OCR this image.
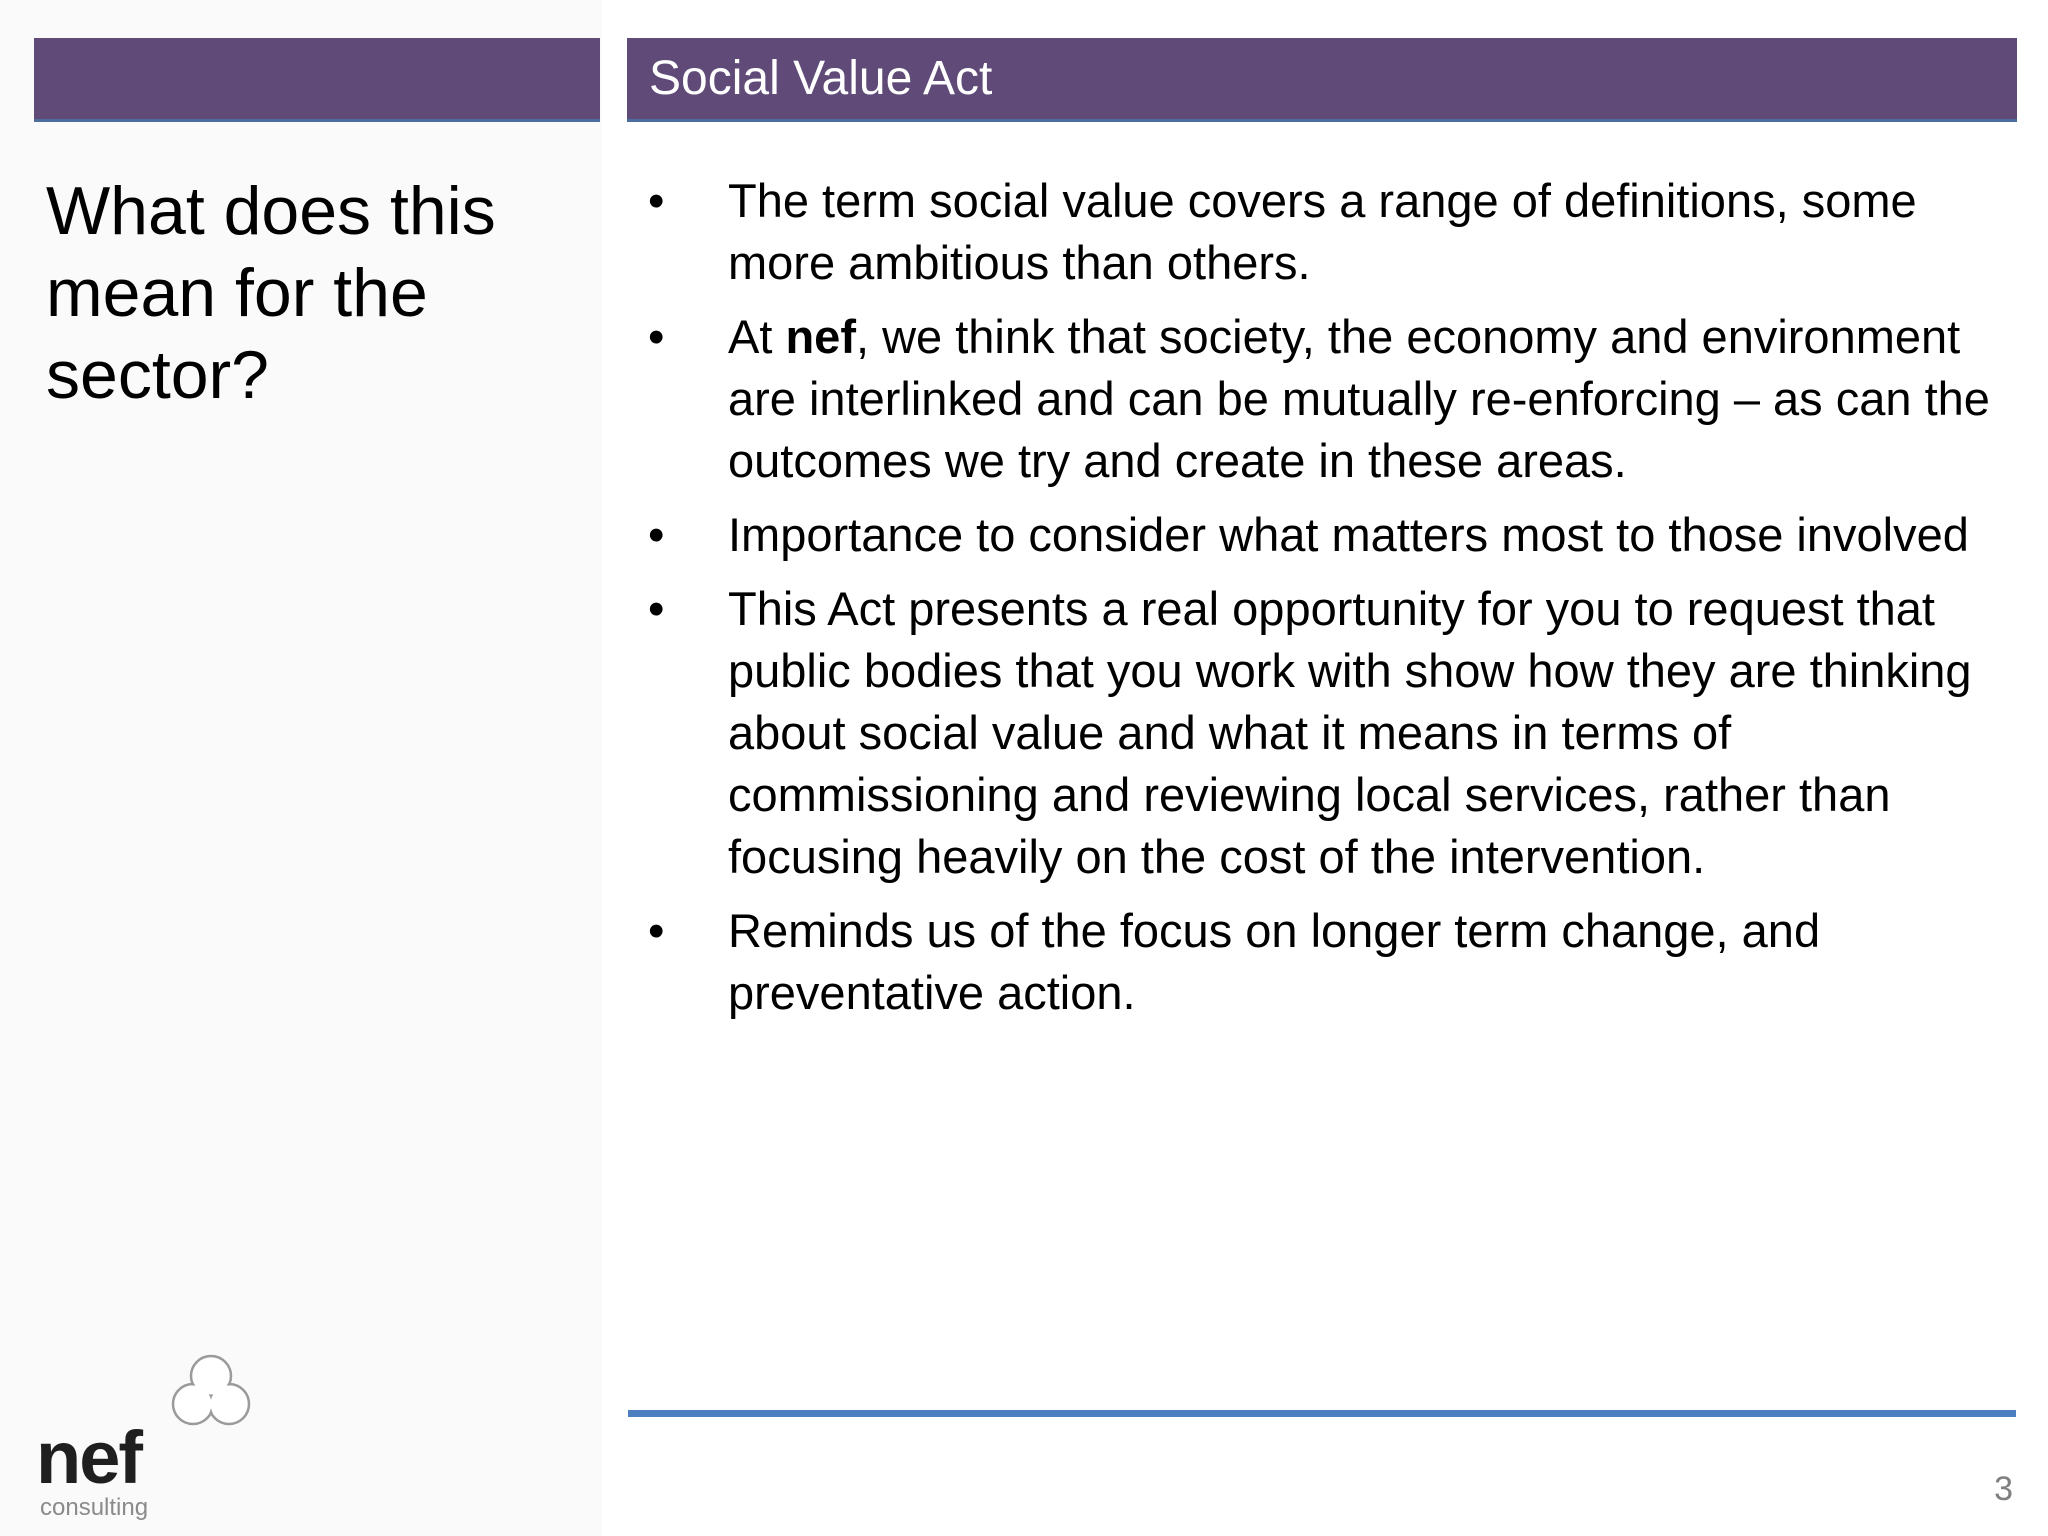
Social Value Act
What does this mean for the sector?
• The term social value covers a range of definitions, some more ambitious than others.
• At nef, we think that society, the economy and environment are interlinked and can be mutually re-enforcing – as can the outcomes we try and create in these areas.
• Importance to consider what matters most to those involved
• This Act presents a real opportunity for you to request that public bodies that you work with show how they are thinking about social value and what it means in terms of commissioning and reviewing local services, rather than focusing heavily on the cost of the intervention.
• Reminds us of the focus on longer term change, and preventative action.
3
nef
consulting
